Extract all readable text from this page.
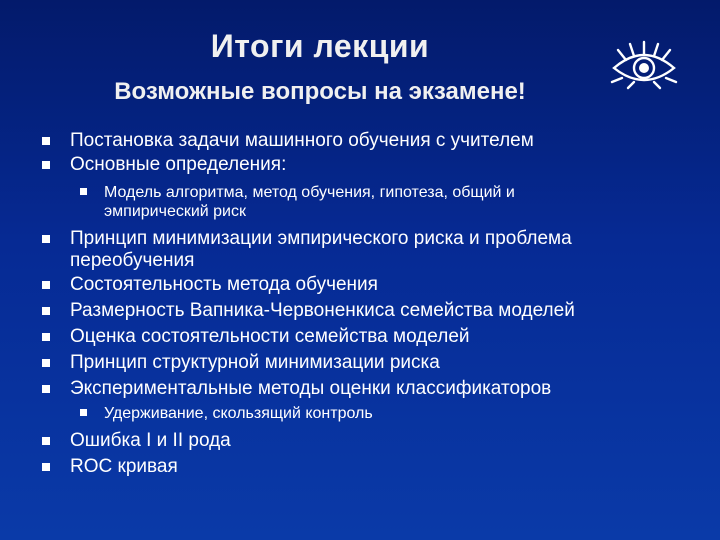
Итоги лекции
Возможные вопросы на экзамене!
Постановка задачи машинного обучения с учителем
Основные определения:
Модель алгоритма, метод обучения, гипотеза, общий и эмпирический риск
Принцип минимизации эмпирического риска и проблема переобучения
Состоятельность метода обучения
Размерность Вапника-Червоненкиса семейства моделей
Оценка состоятельности семейства моделей
Принцип структурной минимизации риска
Экспериментальные методы оценки классификаторов
Удерживание, скользящий контроль
Ошибка I и II рода
ROC кривая
